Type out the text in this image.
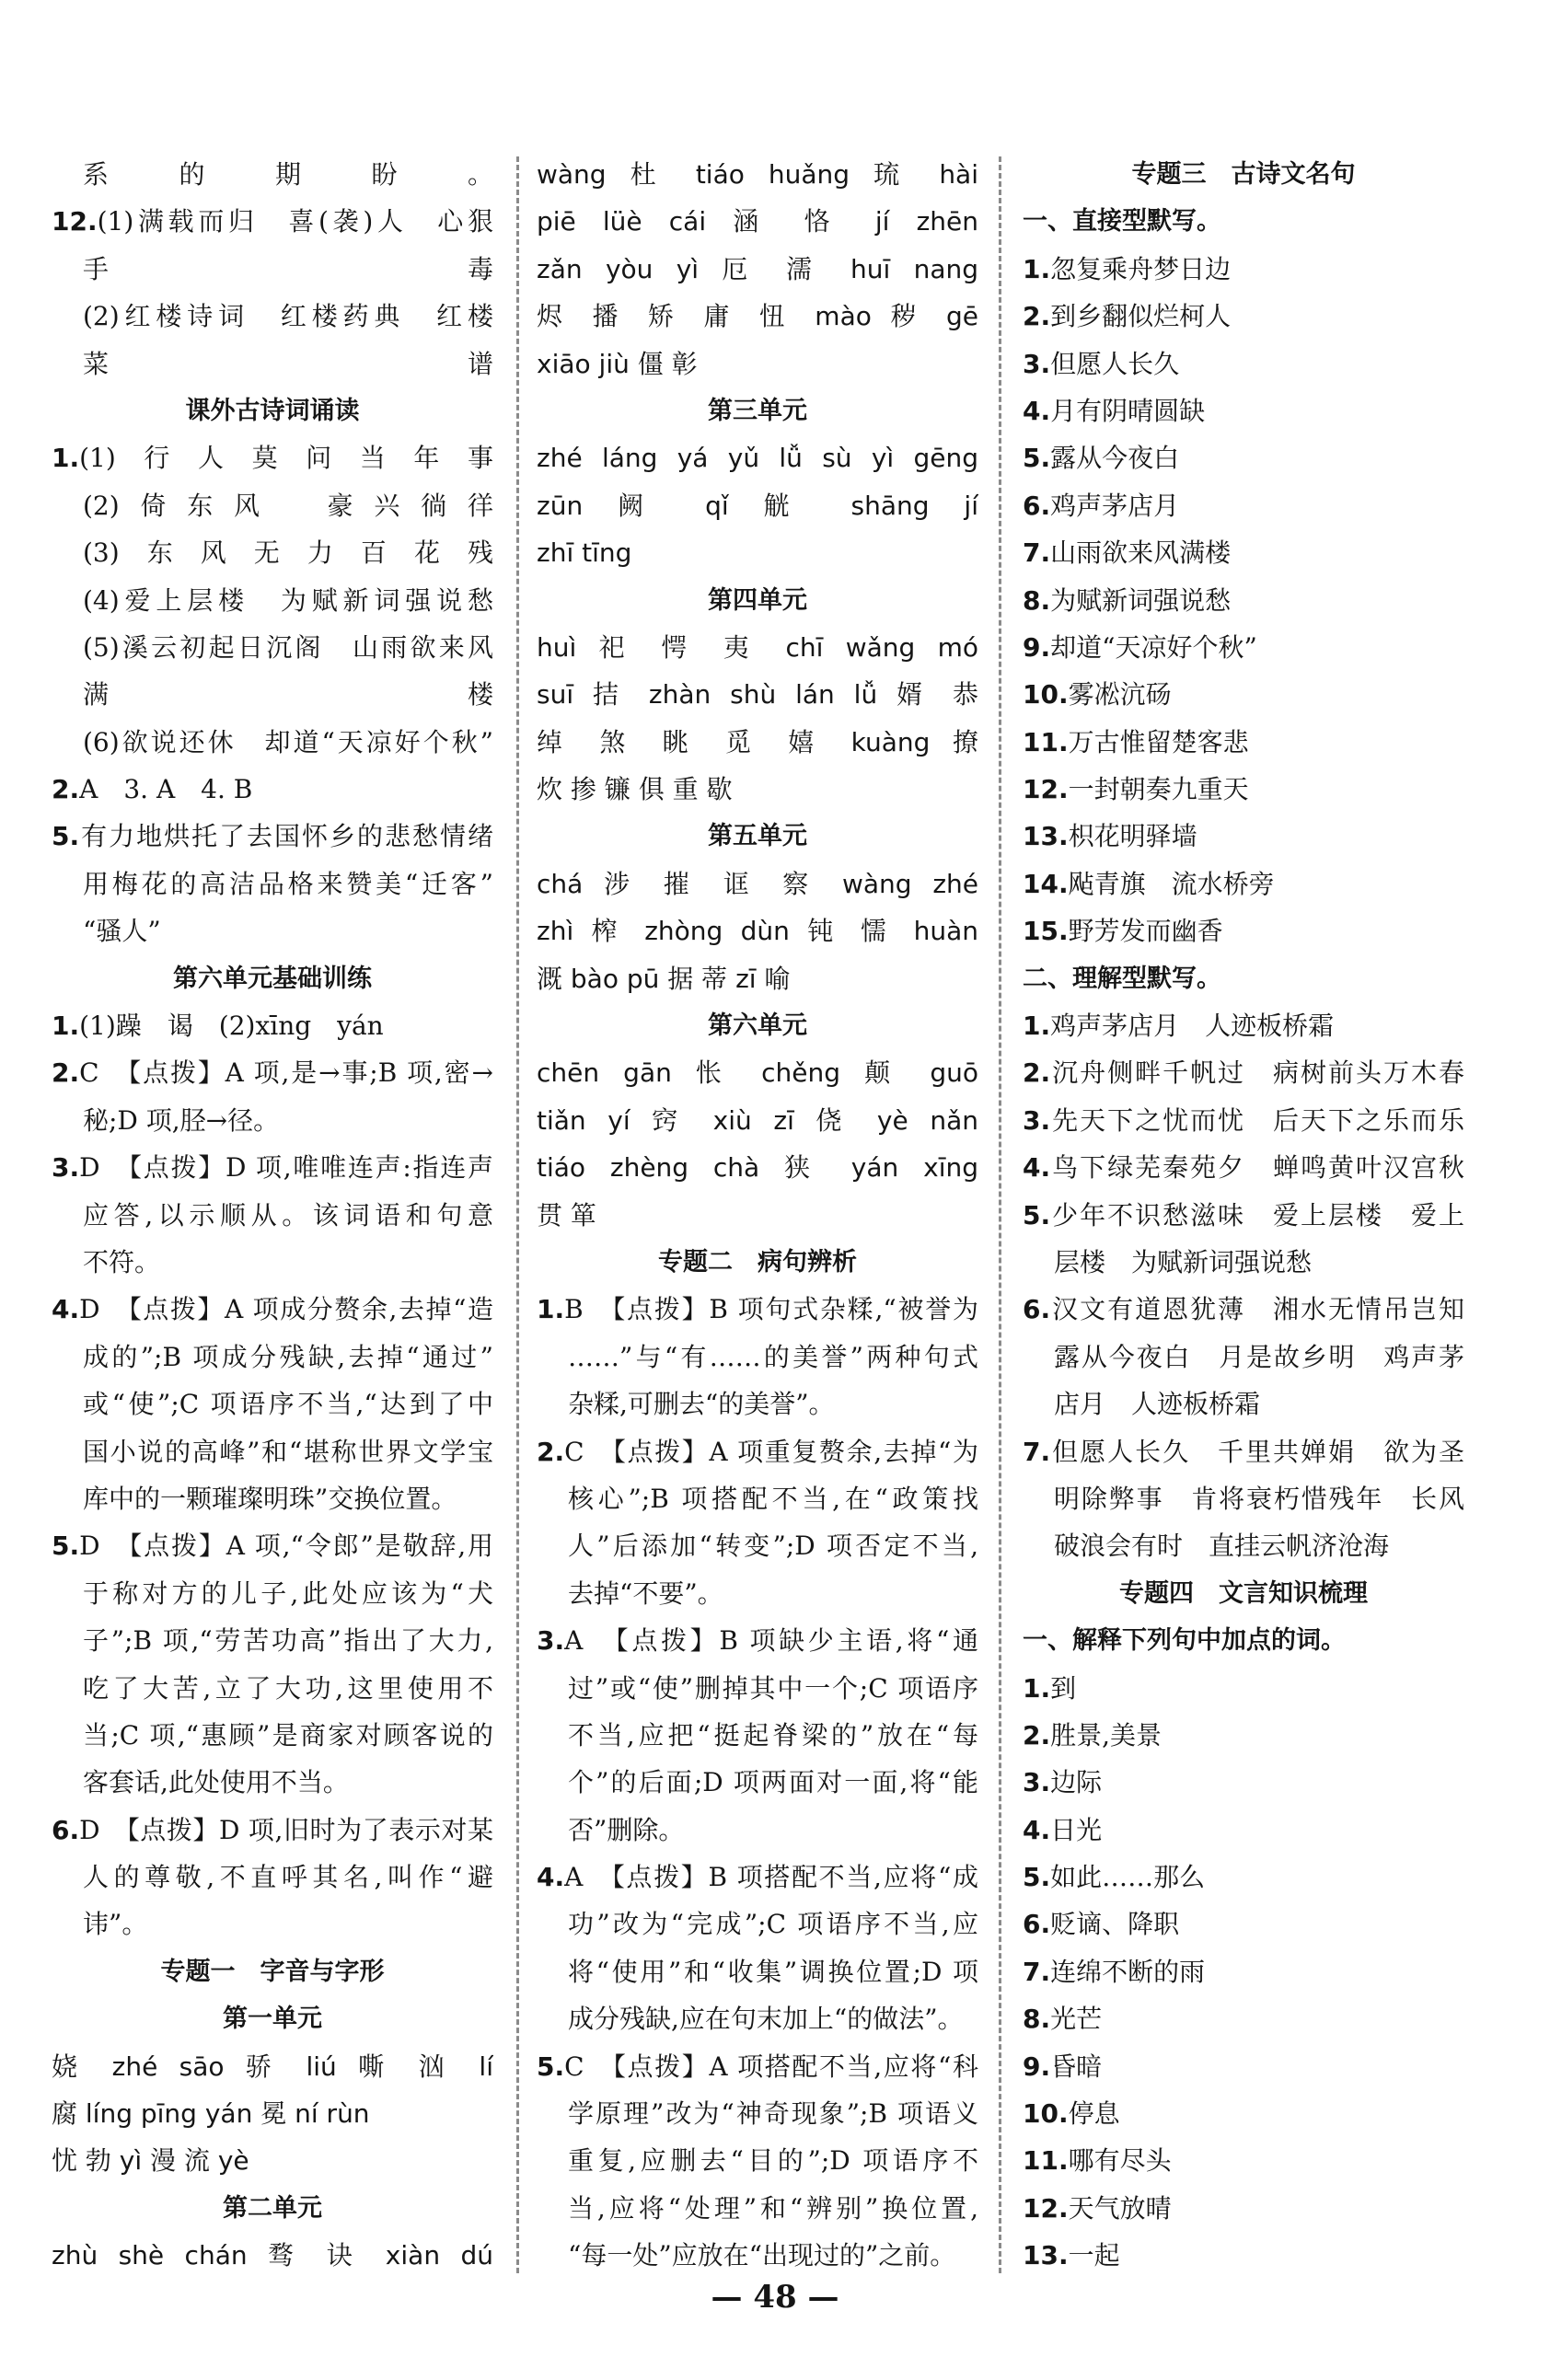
系的期盼。
12.(1)满载而归　喜(袭)人　心狠
手毒
(2)红楼诗词　红楼药典　红楼
菜谱
课外古诗词诵读
1.(1)行人莫问当年事
(2)倚东风　豪兴徜徉
(3)东风无力百花残
(4)爱上层楼　为赋新词强说愁
(5)溪云初起日沉阁　山雨欲来风
满楼
(6)欲说还休　却道“天凉好个秋”
2.A　3. A　4. B
5.有力地烘托了去国怀乡的悲愁情绪
用梅花的高洁品格来赞美“迁客”
“骚人”
第六单元基础训练
1.(1)躁　谒　(2)xīng　yán
2.C　【点拨】A 项,是→事;B 项,密→
秘;D 项,胫→径。
3.D　【点拨】D 项,唯唯连声:指连声
应答,以示顺从。该词语和句意
不符。
4.D　【点拨】A 项成分赘余,去掉“造
成的”;B 项成分残缺,去掉“通过”
或“使”;C 项语序不当,“达到了中
国小说的高峰”和“堪称世界文学宝
库中的一颗璀璨明珠”交换位置。
5.D　【点拨】A 项,“令郎”是敬辞,用
于称对方的儿子,此处应该为“犬
子”;B 项,“劳苦功高”指出了大力,
吃了大苦,立了大功,这里使用不
当;C 项,“惠顾”是商家对顾客说的
客套话,此处使用不当。
6.D　【点拨】D 项,旧时为了表示对某
人的尊敬,不直呼其名,叫作“避
讳”。
专题一　字音与字形
第一单元
娆 zhé sāo 骄 liú 嘶 汹 lí
腐 líng pīng yán 冕 ní rùn
忧 勃 yì 漫 流 yè
第二单元
zhù shè chán 骛 诀 xiàn dú
wàng 杜 tiáo huǎng 琉 hài
piē lüè cái 涵 恪 jí zhēn
zǎn yòu yì 厄 濡 huī nang
烬 播 矫 庸 忸 mào 秽 gē
xiāo jiù 僵 彰
第三单元
zhé láng yá yǔ lǚ sù yì gēng
zūn 阙 qǐ 觥 shāng jí
zhī tīng
第四单元
huì 祀 愕 夷 chī wǎng mó
suī 拮 zhàn shù lán lǚ 婿 恭
绰 煞 眺 觅 嬉 kuàng 撩
炊 掺 镰 俱 重 歇
第五单元
chá 涉 摧 诓 察 wàng zhé
zhì 榨 zhòng dùn 钝 懦 huàn
溉 bào pū 据 蒂 zī 喻
第六单元
chēn gān 怅 chěng 颠 guō
tiǎn yí 窍 xiù zī 侥 yè nǎn
tiáo zhèng chà 狭 yán xīng
贯 箪
专题二　病句辨析
1.B　【点拨】B 项句式杂糅,“被誉为
……”与“有……的美誉”两种句式
杂糅,可删去“的美誉”。
2.C　【点拨】A 项重复赘余,去掉“为
核心”;B 项搭配不当,在“政策找
人”后添加“转变”;D 项否定不当,
去掉“不要”。
3.A　【点拨】B 项缺少主语,将“通
过”或“使”删掉其中一个;C 项语序
不当,应把“挺起脊梁的”放在“每
个”的后面;D 项两面对一面,将“能
否”删除。
4.A　【点拨】B 项搭配不当,应将“成
功”改为“完成”;C 项语序不当,应
将“使用”和“收集”调换位置;D 项
成分残缺,应在句末加上“的做法”。
5.C　【点拨】A 项搭配不当,应将“科
学原理”改为“神奇现象”;B 项语义
重复,应删去“目的”;D 项语序不
当,应将“处理”和“辨别”换位置,
“每一处”应放在“出现过的”之前。
专题三　古诗文名句
一、直接型默写。
1.忽复乘舟梦日边
2.到乡翻似烂柯人
3.但愿人长久
4.月有阴晴圆缺
5.露从今夜白
6.鸡声茅店月
7.山雨欲来风满楼
8.为赋新词强说愁
9.却道“天凉好个秋”
10.雾凇沆砀
11.万古惟留楚客悲
12.一封朝奏九重天
13.枳花明驿墙
14.飐青旗　流水桥旁
15.野芳发而幽香
二、理解型默写。
1.鸡声茅店月　人迹板桥霜
2.沉舟侧畔千帆过　病树前头万木春
3.先天下之忧而忧　后天下之乐而乐
4.鸟下绿芜秦苑夕　蝉鸣黄叶汉宫秋
5.少年不识愁滋味　爱上层楼　爱上
层楼　为赋新词强说愁
6.汉文有道恩犹薄　湘水无情吊岂知
露从今夜白　月是故乡明　鸡声茅
店月　人迹板桥霜
7.但愿人长久　千里共婵娟　欲为圣
明除弊事　肯将衰朽惜残年　长风
破浪会有时　直挂云帆济沧海
专题四　文言知识梳理
一、解释下列句中加点的词。
1.到
2.胜景,美景
3.边际
4.日光
5.如此……那么
6.贬谪、降职
7.连绵不断的雨
8.光芒
9.昏暗
10.停息
11.哪有尽头
12.天气放晴
13.一起
— 48 —
